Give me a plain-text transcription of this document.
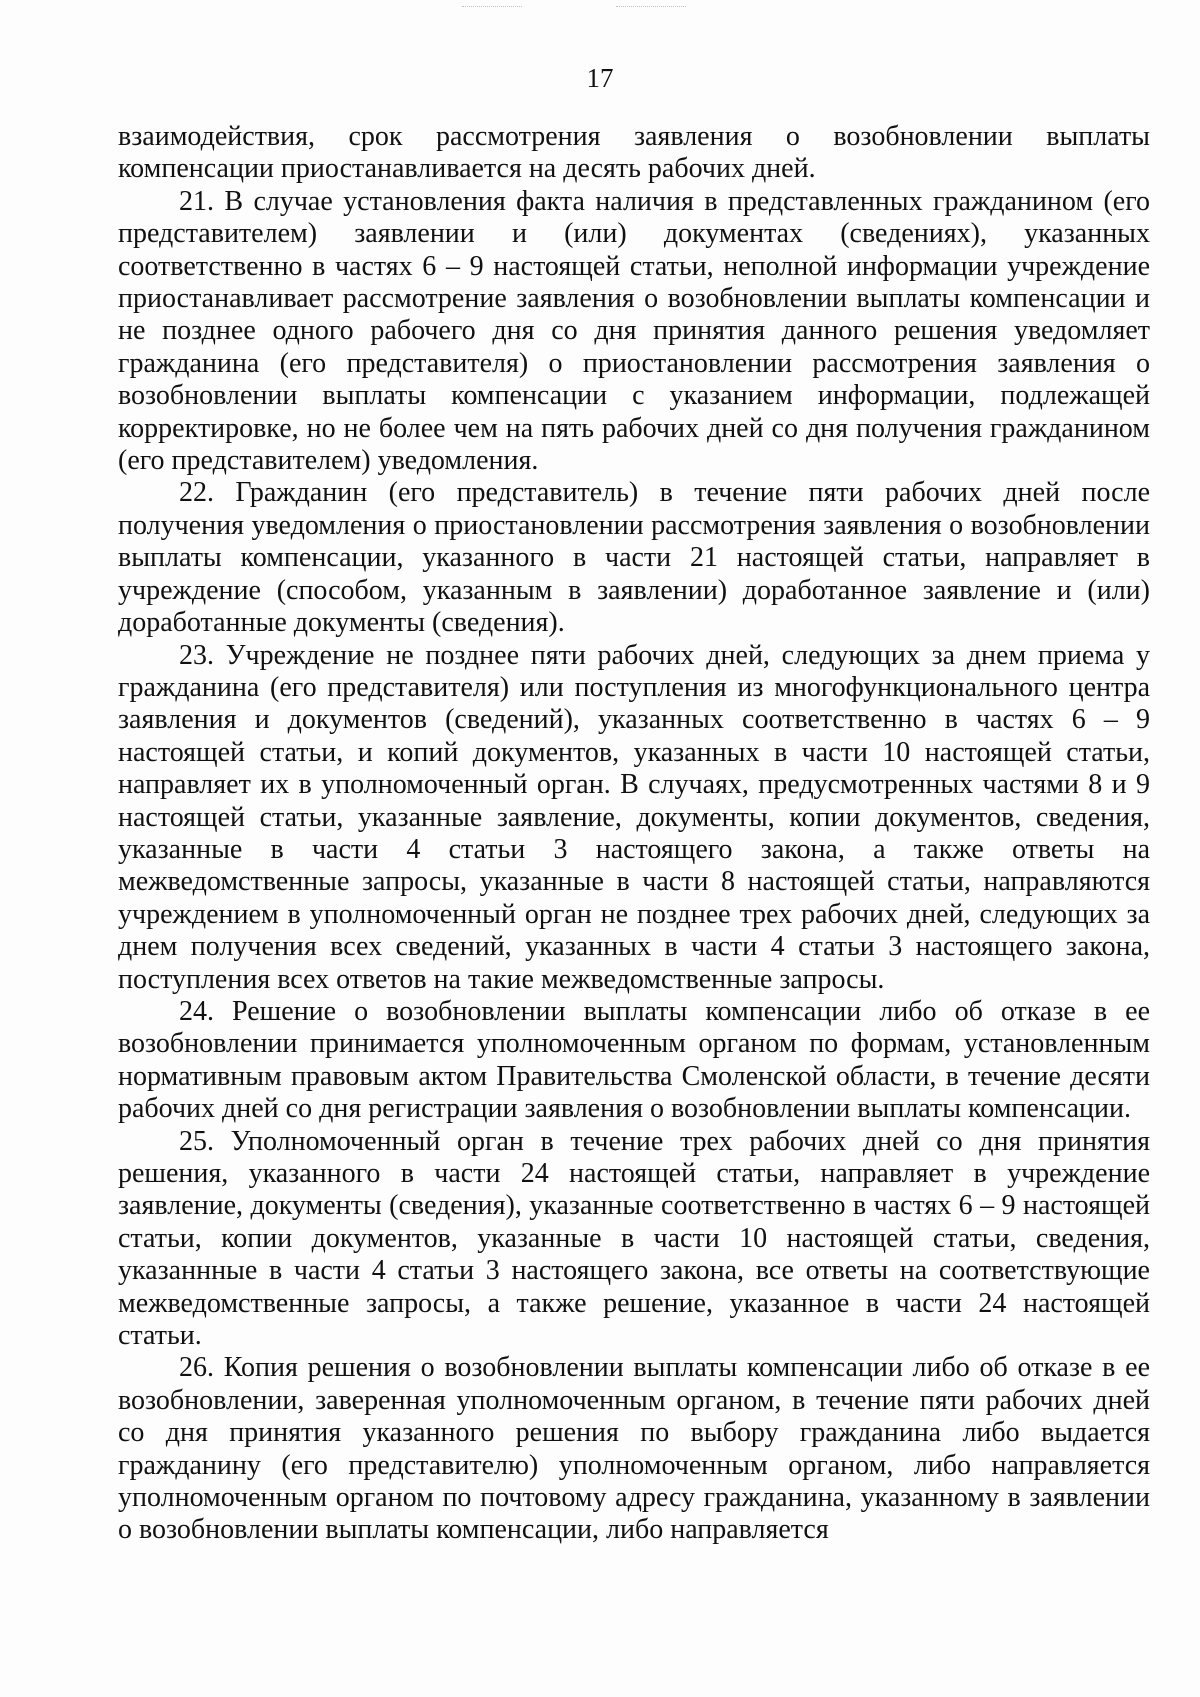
17

взаимодействия, срок рассмотрения заявления о возобновлении выплаты компенсации приостанавливается на десять рабочих дней.

21. В случае установления факта наличия в представленных гражданином (его представителем) заявлении и (или) документах (сведениях), указанных соответственно в частях 6 – 9 настоящей статьи, неполной информации учреждение приостанавливает рассмотрение заявления о возобновлении выплаты компенсации и не позднее одного рабочего дня со дня принятия данного решения уведомляет гражданина (его представителя) о приостановлении рассмотрения заявления о возобновлении выплаты компенсации с указанием информации, подлежащей корректировке, но не более чем на пять рабочих дней со дня получения гражданином (его представителем) уведомления.

22. Гражданин (его представитель) в течение пяти рабочих дней после получения уведомления о приостановлении рассмотрения заявления о возобновлении выплаты компенсации, указанного в части 21 настоящей статьи, направляет в учреждение (способом, указанным в заявлении) доработанное заявление и (или) доработанные документы (сведения).

23. Учреждение не позднее пяти рабочих дней, следующих за днем приема у гражданина (его представителя) или поступления из многофункционального центра заявления и документов (сведений), указанных соответственно в частях 6 – 9 настоящей статьи, и копий документов, указанных в части 10 настоящей статьи, направляет их в уполномоченный орган. В случаях, предусмотренных частями 8 и 9 настоящей статьи, указанные заявление, документы, копии документов, сведения, указанные в части 4 статьи 3 настоящего закона, а также ответы на межведомственные запросы, указанные в части 8 настоящей статьи, направляются учреждением в уполномоченный орган не позднее трех рабочих дней, следующих за днем получения всех сведений, указанных в части 4 статьи 3 настоящего закона, поступления всех ответов на такие межведомственные запросы.

24. Решение о возобновлении выплаты компенсации либо об отказе в ее возобновлении принимается уполномоченным органом по формам, установленным нормативным правовым актом Правительства Смоленской области, в течение десяти рабочих дней со дня регистрации заявления о возобновлении выплаты компенсации.

25. Уполномоченный орган в течение трех рабочих дней со дня принятия решения, указанного в части 24 настоящей статьи, направляет в учреждение заявление, документы (сведения), указанные соответственно в частях 6 – 9 настоящей статьи, копии документов, указанные в части 10 настоящей статьи, сведения, указаннные в части 4 статьи 3 настоящего закона, все ответы на соответствующие межведомственные запросы, а также решение, указанное в части 24 настоящей статьи.

26. Копия решения о возобновлении выплаты компенсации либо об отказе в ее возобновлении, заверенная уполномоченным органом, в течение пяти рабочих дней со дня принятия указанного решения по выбору гражданина либо выдается гражданину (его представителю) уполномоченным органом, либо направляется уполномоченным органом по почтовому адресу гражданина, указанному в заявлении о возобновлении выплаты компенсации, либо направляется
